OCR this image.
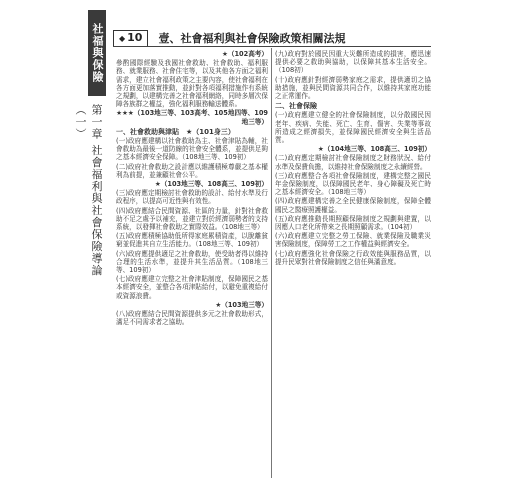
社福與保險
第一章 社會福利與社會保險導論（一）
◆ 10	壹、社會福利與社會保險政策相關法規
★（102高考）
參酌國際經驗及我國社會救助、社會救助、福利服務、就業服務、社會住宅等，以及其他各方面之福利需求，建立社會福利政策之主要內容，使社會福利在各方面更加落實推動，並針對各項福利措施作有系統之規劃，以建構完善之社會福利網絡，同時多層次保障各族群之權益，強化福利服務輸送體系。
★★★（103地三等、103高考、105地四等、109地三等）
一、社會救助與津貼　★（101身三）
(一)政府應建構以社會救助為主、社會津貼為輔，社會救助為最後一道防線的社會安全體系，並提供足夠之基本經濟安全保障。（108地三等、109初）
(二)政府社會救助之設計應以維護積極尊嚴之基本權利為前提，並兼顧社會公平。
★（103地三等、108高三、109初）
(三)政府應定期檢討社會救助的設計、給付水準及行政程序，以提高可近性與有效性。
(四)政府應結合民間資源、社區的力量，針對社會救助不足之處予以補充，並建立對於經濟弱勢者的支持系統，以發揮社會救助之實際效益。（108地三等）
(五)政府應積極協助低所得家庭累積資產，以脫離貧窮並促進其自立生活能力。（108地三等、109初）
(六)政府應提供適足之社會救助，使受助者得以維持合理的生活水準，並提升其生活品質。（108地三等、109初）
(七)政府應建立完整之社會津貼制度，保障國民之基本經濟安全，並整合各項津貼給付，以避免重複給付或資源浪費。
★（103地三等）
(八)政府應結合民間資源提供多元之社會救助形式，滿足不同需求者之協助。
(九)政府對於國民因重大災難所造成的損害，應迅速提供必要之救助與協助，以保障其基本生活安全。（108初）
(十)政府應針對經濟弱勢家庭之需求，提供適切之協助措施，並與民間資源共同合作，以維持其家庭功能之正常運作。
二、社會保險
(一)政府應建立健全的社會保險制度，以分散國民因老年、疾病、失能、死亡、生育、傷害、失業等事故所造成之經濟損失，並保障國民經濟安全與生活品質。
★（104地三等、108高三、109初）
(二)政府應定期檢討社會保險制度之財務狀況、給付水準及保費負擔，以維持社會保險制度之永續經營。
(三)政府應整合各項社會保險制度，建構完整之國民年金保險制度，以保障國民老年、身心障礙及死亡時之基本經濟安全。（108地三等）
(四)政府應建構完善之全民健康保險制度，保障全體國民之醫療照護權益。
(五)政府應推動長期照顧保險制度之規劃與建置，以因應人口老化所帶來之長期照顧需求。（104初）
(六)政府應建立完整之勞工保險、就業保險及職業災害保險制度，保障勞工之工作權益與經濟安全。
(七)政府應強化社會保險之行政效能與服務品質，以提升民眾對社會保險制度之信任與滿意度。
